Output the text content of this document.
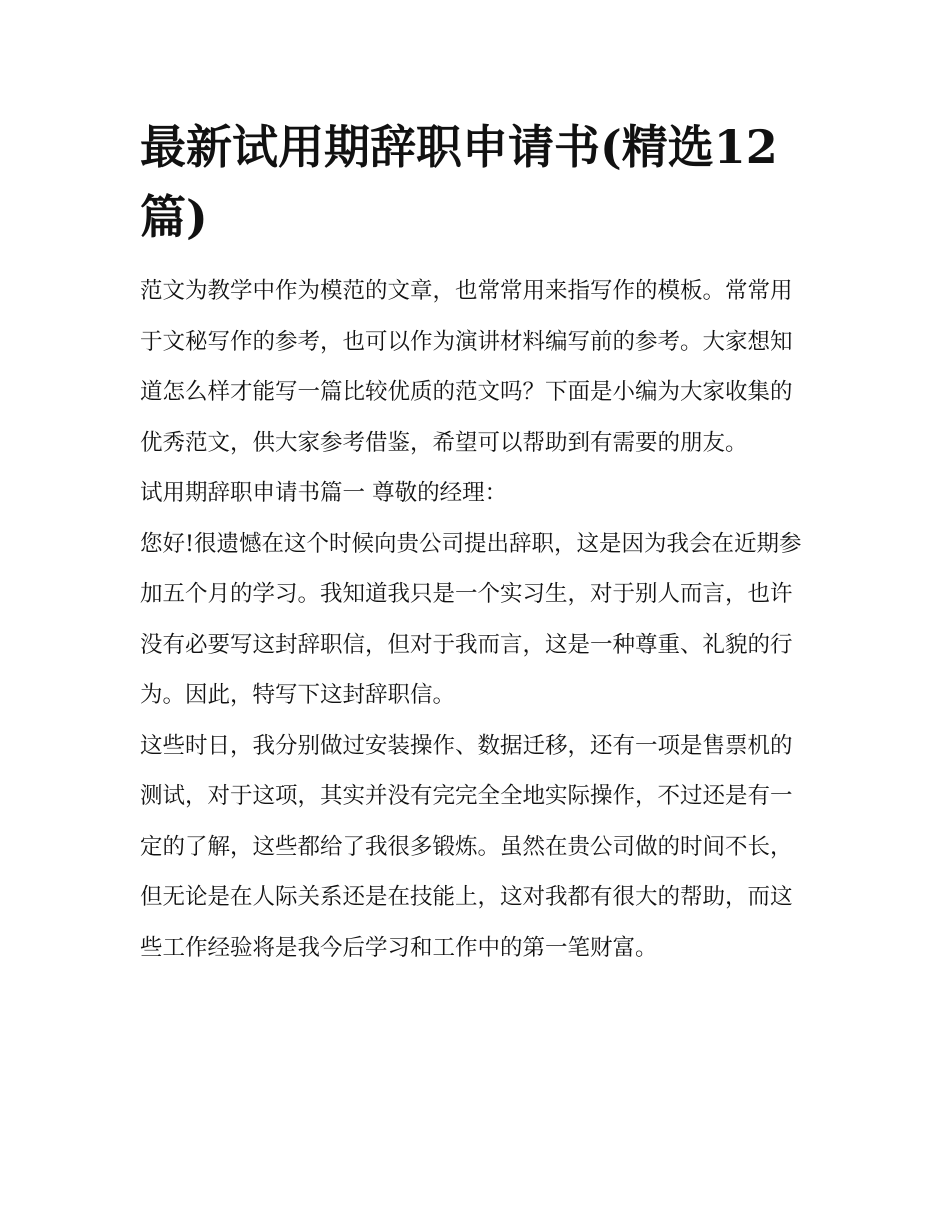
最新试用期辞职申请书(精选12篇)

范文为教学中作为模范的文章，也常常用来指写作的模板。常常用于文秘写作的参考，也可以作为演讲材料编写前的参考。大家想知道怎么样才能写一篇比较优质的范文吗？下面是小编为大家收集的优秀范文，供大家参考借鉴，希望可以帮助到有需要的朋友。

试用期辞职申请书篇一 尊敬的经理：

您好!很遗憾在这个时候向贵公司提出辞职，这是因为我会在近期参加五个月的学习。我知道我只是一个实习生，对于别人而言，也许没有必要写这封辞职信，但对于我而言，这是一种尊重、礼貌的行为。因此，特写下这封辞职信。

这些时日，我分别做过安装操作、数据迁移，还有一项是售票机的测试，对于这项，其实并没有完完全全地实际操作，不过还是有一定的了解，这些都给了我很多锻炼。虽然在贵公司做的时间不长，但无论是在人际关系还是在技能上，这对我都有很大的帮助，而这些工作经验将是我今后学习和工作中的第一笔财富。
